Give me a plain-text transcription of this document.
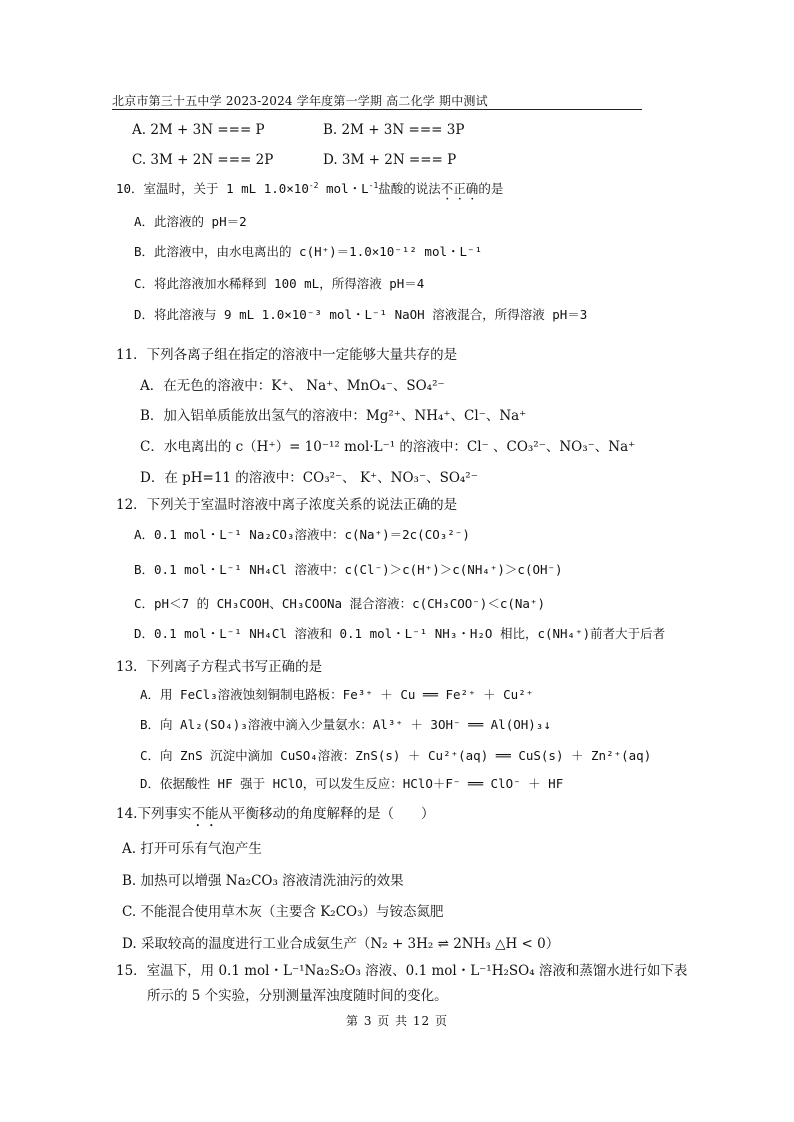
北京市第三十五中学 2023-2024 学年度第一学期 高二化学 期中测试
A. 2M + 3N === P	B. 2M + 3N === 3P
C. 3M + 2N === 2P	D. 3M + 2N === P
10．室温时，关于 1 mL $1.0\times 10^{-2}$ mol・$L^{-1}$盐酸的说法不正确的是
A．此溶液的 pH＝2
B．此溶液中，由水电离出的 c(H⁺)＝1.0×10⁻¹² mol・L⁻¹
C．将此溶液加水稀释到 100 mL，所得溶液 pH＝4
D．将此溶液与 9 mL 1.0×10⁻³ mol・L⁻¹ NaOH 溶液混合，所得溶液 pH＝3
11．下列各离子组在指定的溶液中一定能够大量共存的是
A．在无色的溶液中：K⁺、 Na⁺、MnO₄⁻、SO₄²⁻
B．加入铝单质能放出氢气的溶液中：Mg²⁺、NH₄⁺、Cl⁻、Na⁺
C．水电离出的 c（H⁺）= 10⁻¹² mol·L⁻¹ 的溶液中：Cl⁻ 、CO₃²⁻、NO₃⁻、Na⁺
D．在 pH=11 的溶液中：CO₃²⁻、 K⁺、NO₃⁻、SO₄²⁻
12．下列关于室温时溶液中离子浓度关系的说法正确的是
A．0.1 mol・L⁻¹ Na₂CO₃溶液中：c(Na⁺)＝2c(CO₃²⁻)
B．0.1 mol・L⁻¹ NH₄Cl 溶液中：c(Cl⁻)＞c(H⁺)＞c(NH₄⁺)＞c(OH⁻)
C．pH＜7 的 CH₃COOH、CH₃COONa 混合溶液：c(CH₃COO⁻)＜c(Na⁺)
D．0.1 mol・L⁻¹ NH₄Cl 溶液和 0.1 mol・L⁻¹ NH₃・H₂O 相比，c(NH₄⁺)前者大于后者
13．下列离子方程式书写正确的是
A．用 FeCl₃溶液蚀刻铜制电路板：Fe³⁺ ＋ Cu ══ Fe²⁺ ＋ Cu²⁺
B．向 Al₂(SO₄)₃溶液中滴入少量氨水：Al³⁺ ＋ 3OH⁻ ══ Al(OH)₃↓
C．向 ZnS 沉淀中滴加 CuSO₄溶液：ZnS(s) ＋ Cu²⁺(aq) ══ CuS(s) ＋ Zn²⁺(aq)
D．依据酸性 HF 强于 HClO，可以发生反应：HClO＋F⁻ ══ ClO⁻ ＋ HF
14.下列事实不能从平衡移动的角度解释的是（　　）
A. 打开可乐有气泡产生
B. 加热可以增强 Na₂CO₃ 溶液清洗油污的效果
C. 不能混合使用草木灰（主要含 K₂CO₃）与铵态氮肥
D. 采取较高的温度进行工业合成氨生产（N₂ + 3H₂ ⇌ 2NH₃ △H < 0）
15．室温下，用 0.1 mol・L⁻¹Na₂S₂O₃ 溶液、0.1 mol・L⁻¹H₂SO₄ 溶液和蒸馏水进行如下表
所示的 5 个实验，分别测量浑浊度随时间的变化。
第 3 页 共 12 页
